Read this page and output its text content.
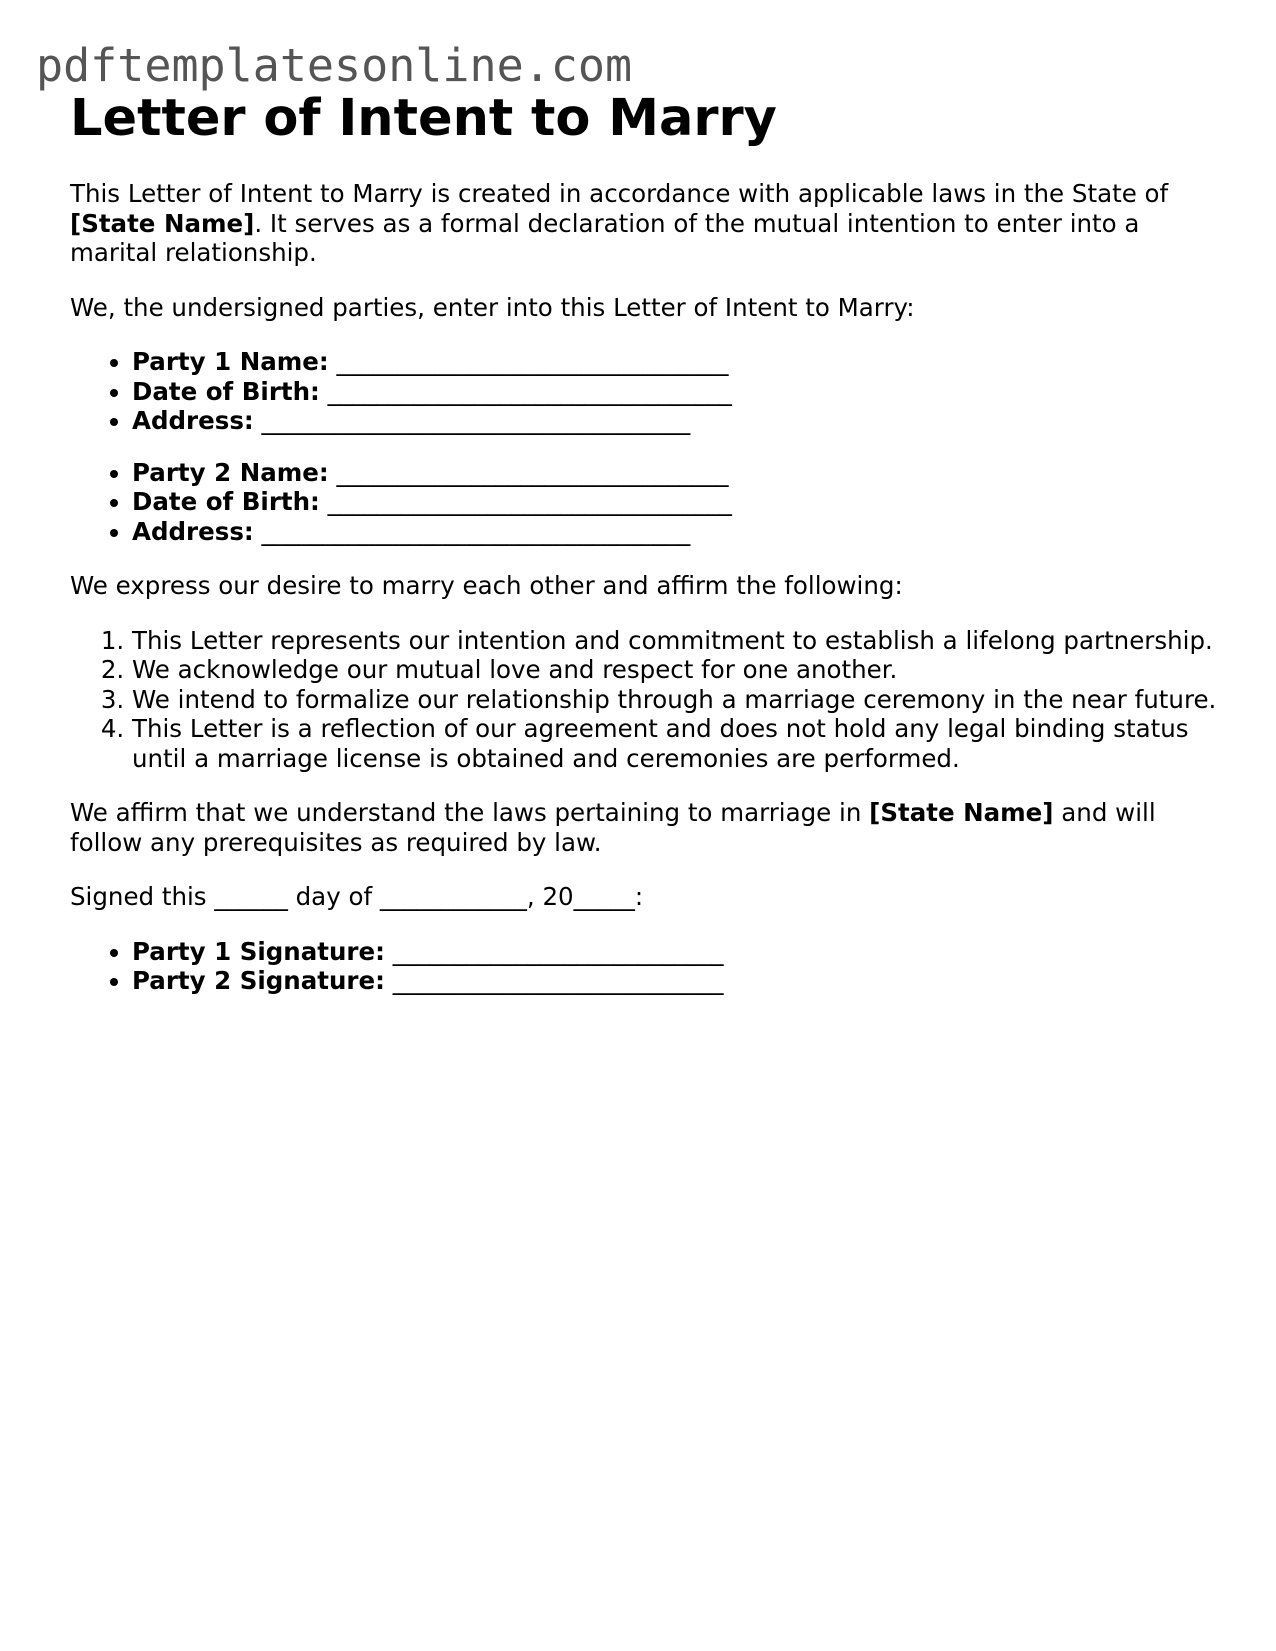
pdftemplatesonline.com
Letter of Intent to Marry

This Letter of Intent to Marry is created in accordance with applicable laws in the State of [State Name]. It serves as a formal declaration of the mutual intention to enter into a marital relationship.

We, the undersigned parties, enter into this Letter of Intent to Marry:

• Party 1 Name: ________________________________
• Date of Birth: _________________________________
• Address: ___________________________________
• Party 2 Name: ________________________________
• Date of Birth: _________________________________
• Address: ___________________________________

We express our desire to marry each other and affirm the following:

1. This Letter represents our intention and commitment to establish a lifelong partnership.
2. We acknowledge our mutual love and respect for one another.
3. We intend to formalize our relationship through a marriage ceremony in the near future.
4. This Letter is a reflection of our agreement and does not hold any legal binding status until a marriage license is obtained and ceremonies are performed.

We affirm that we understand the laws pertaining to marriage in [State Name] and will follow any prerequisites as required by law.

Signed this ______ day of ____________, 20_____:

• Party 1 Signature: ___________________________
• Party 2 Signature: ___________________________
